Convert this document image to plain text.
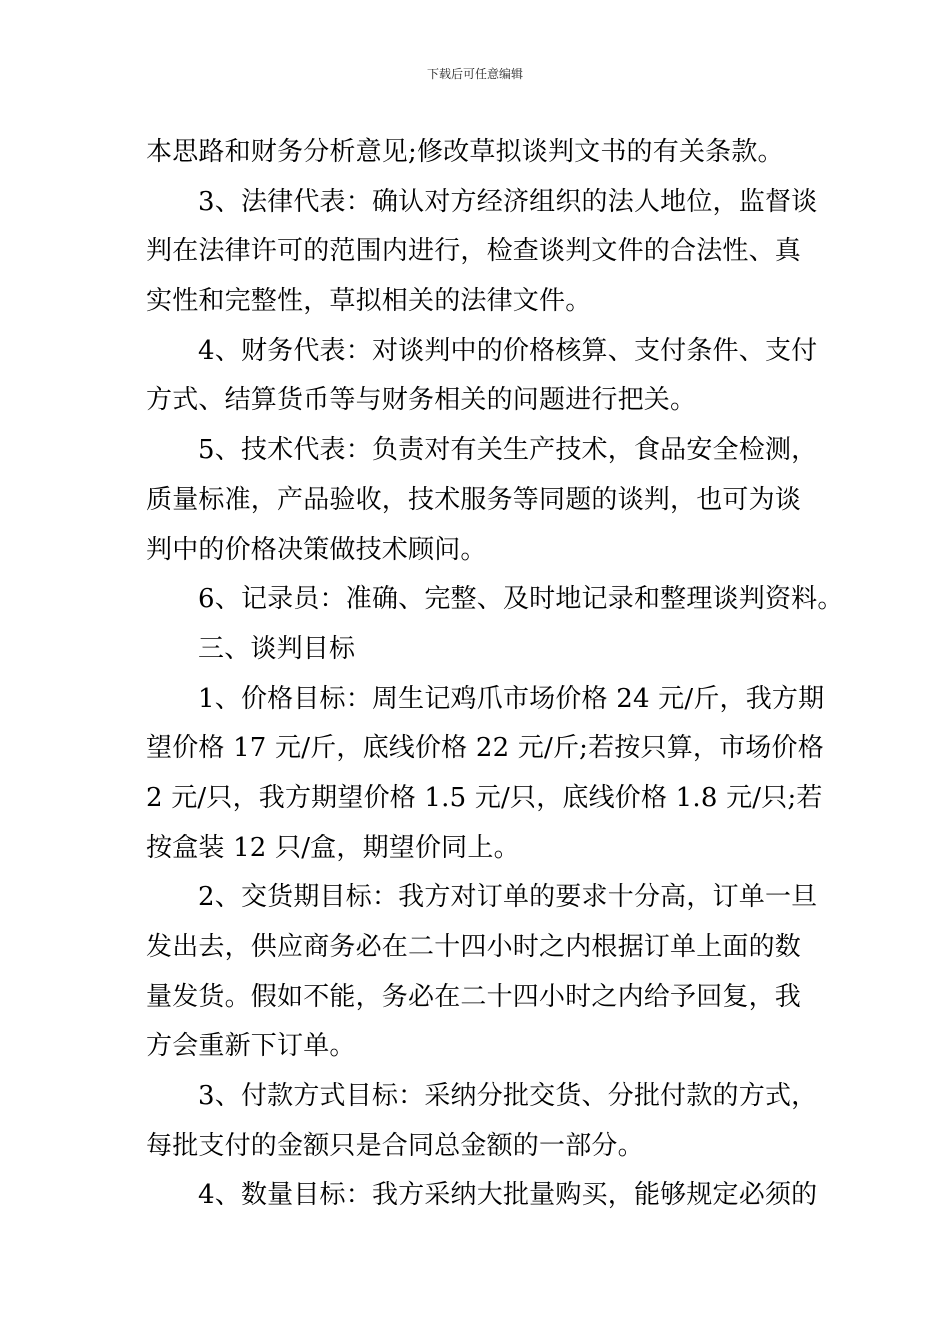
下载后可任意编辑
本思路和财务分析意见;修改草拟谈判文书的有关条款。
3、法律代表：确认对方经济组织的法人地位，监督谈
判在法律许可的范围内进行，检查谈判文件的合法性、真
实性和完整性，草拟相关的法律文件。
4、财务代表：对谈判中的价格核算、支付条件、支付
方式、结算货币等与财务相关的问题进行把关。
5、技术代表：负责对有关生产技术，食品安全检测，
质量标准，产品验收，技术服务等同题的谈判，也可为谈
判中的价格决策做技术顾问。
6、记录员：准确、完整、及时地记录和整理谈判资料。
三、谈判目标
1、价格目标：周生记鸡爪市场价格 24 元/斤，我方期
望价格 17 元/斤，底线价格 22 元/斤;若按只算，市场价格
2 元/只，我方期望价格 1.5 元/只，底线价格 1.8 元/只;若
按盒装 12 只/盒，期望价同上。
2、交货期目标：我方对订单的要求十分高，订单一旦
发出去，供应商务必在二十四小时之内根据订单上面的数
量发货。假如不能，务必在二十四小时之内给予回复，我
方会重新下订单。
3、付款方式目标：采纳分批交货、分批付款的方式，
每批支付的金额只是合同总金额的一部分。
4、数量目标：我方采纳大批量购买，能够规定必须的
